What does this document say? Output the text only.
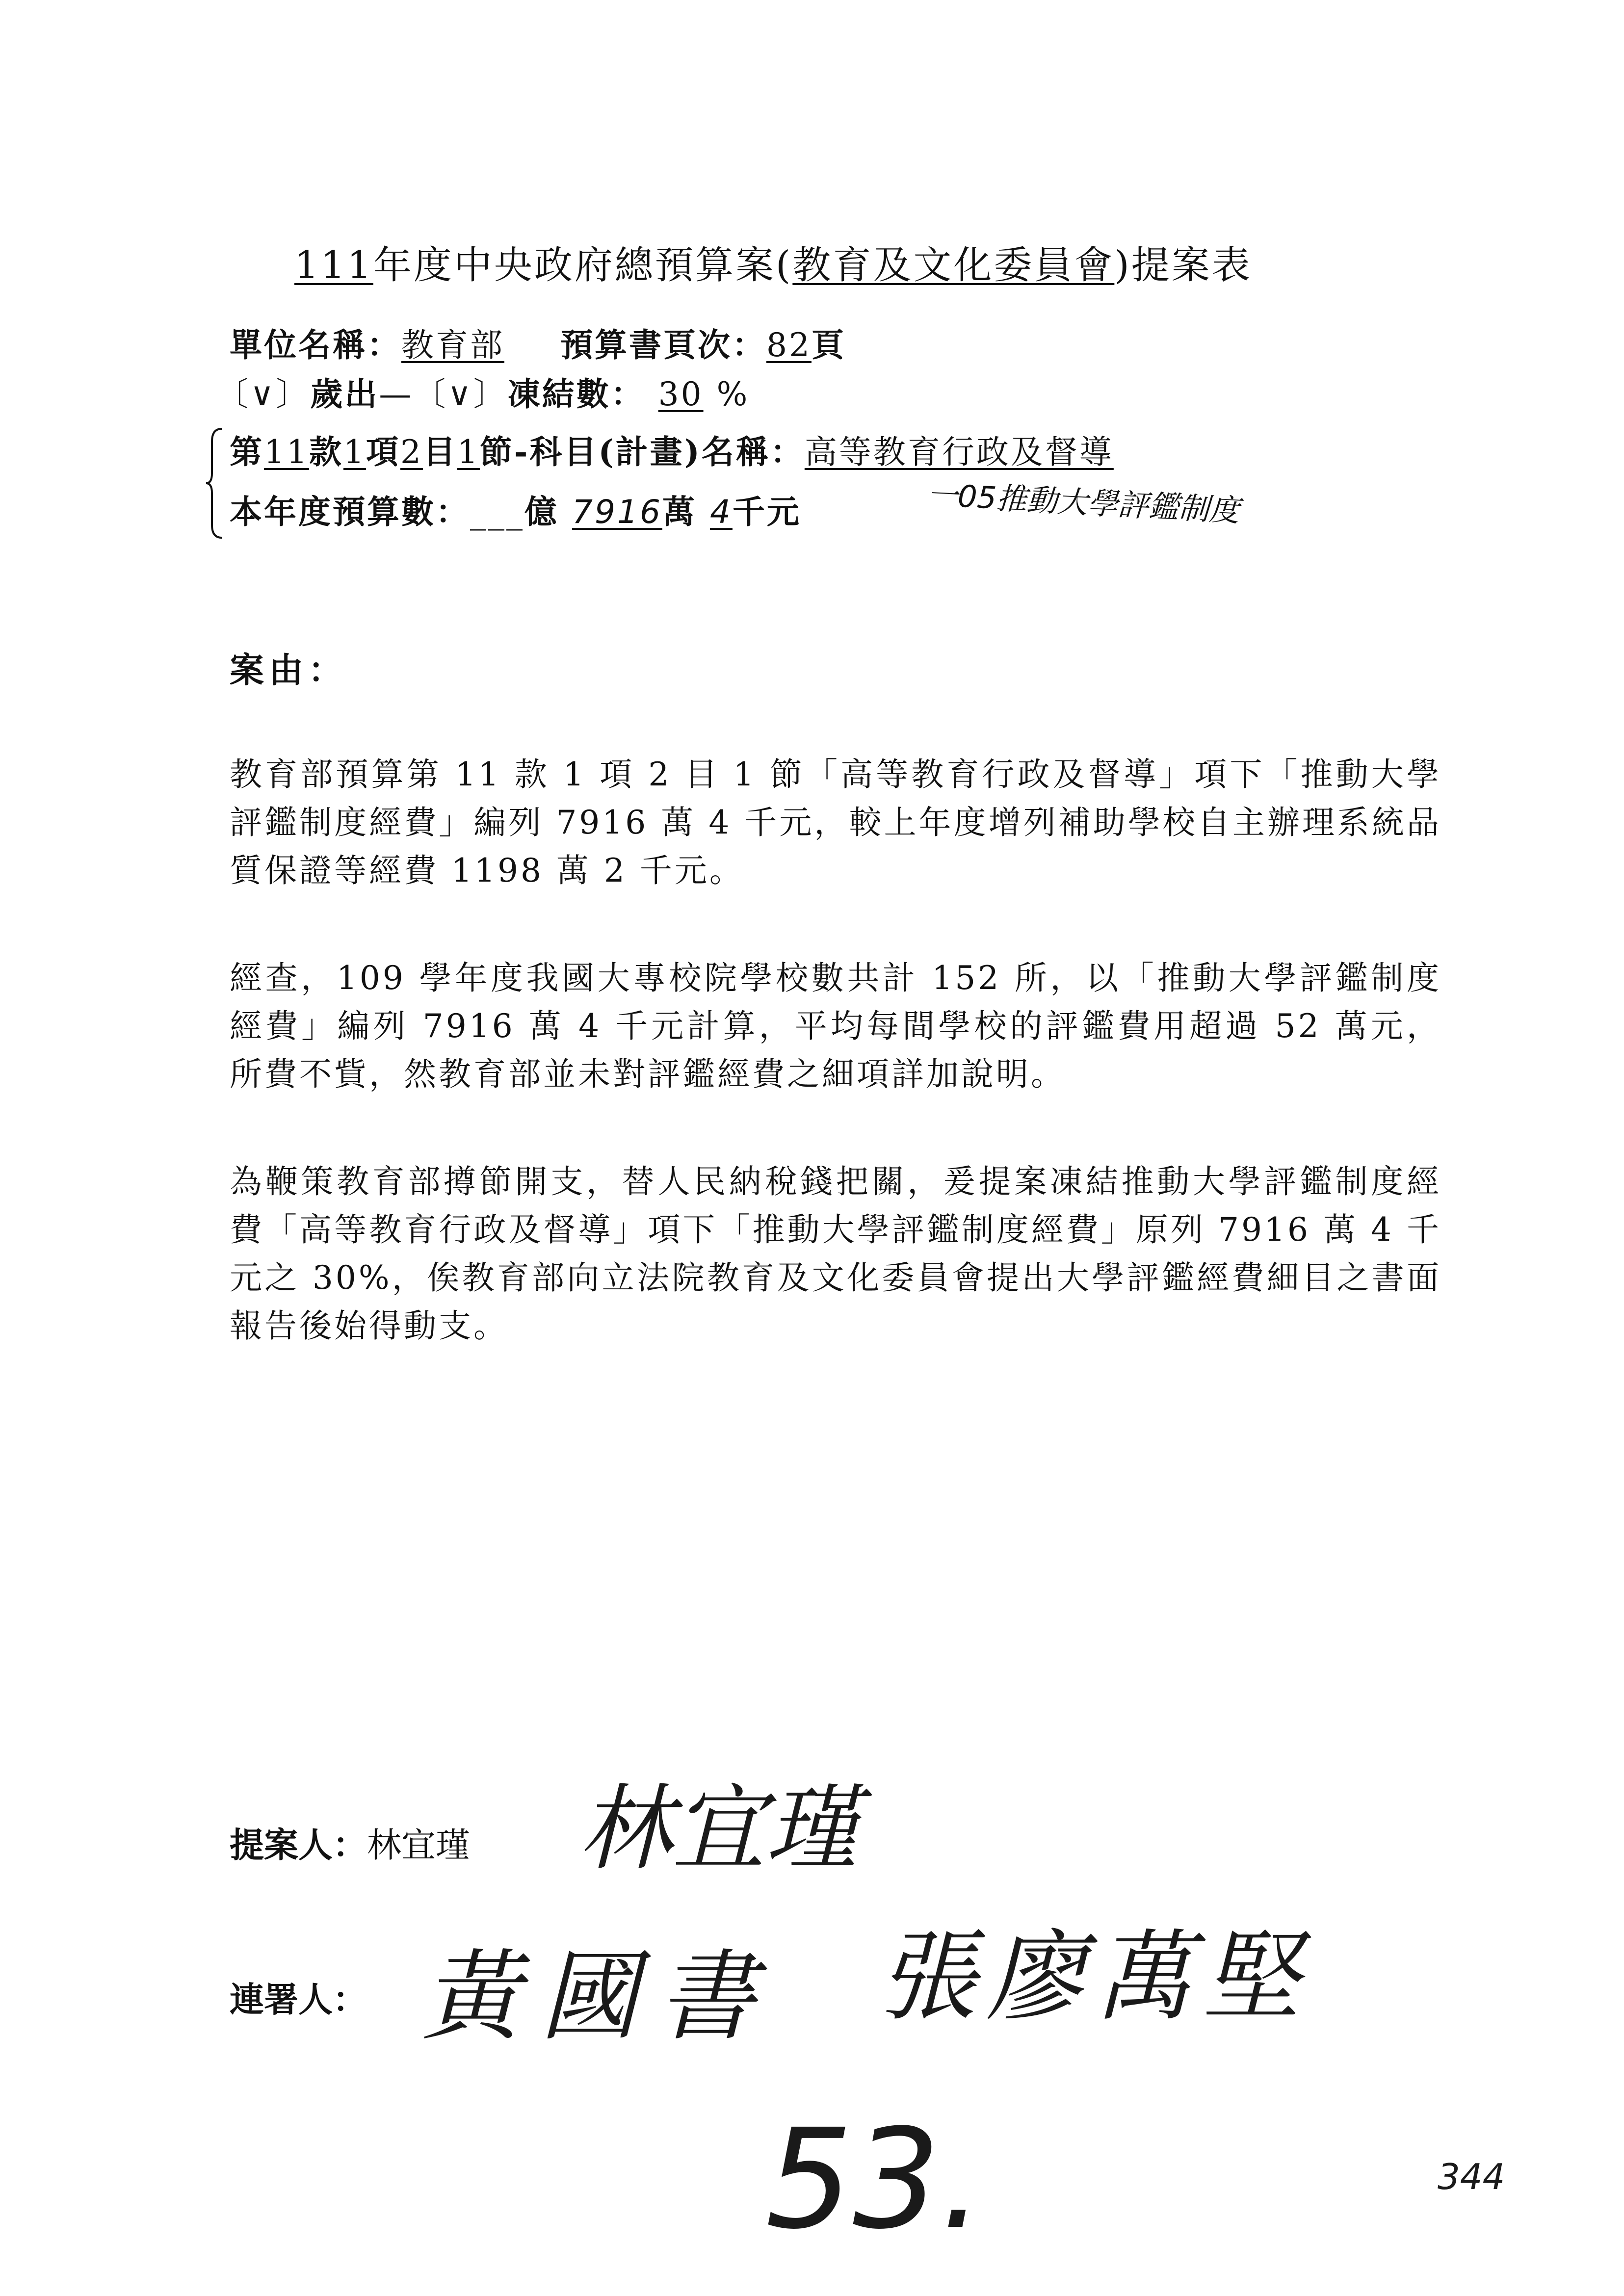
111年度中央政府總預算案(教育及文化委員會)提案表
單位名稱：教育部 預算書頁次：82頁
〔∨〕歲出—〔∨〕凍結數： 30 %
第11款1項2目1節-科目(計畫)名稱：高等教育行政及督導
本年度預算數：___億 7916萬 4千元	一05推動大學評鑑制度
案由：
教育部預算第 11 款 1 項 2 目 1 節「高等教育行政及督導」項下「推動大學評鑑制度經費」編列 7916 萬 4 千元，較上年度增列補助學校自主辦理系統品質保證等經費 1198 萬 2 千元。
經查，109 學年度我國大專校院學校數共計 152 所，以「推動大學評鑑制度經費」編列 7916 萬 4 千元計算，平均每間學校的評鑑費用超過 52 萬元，所費不貲，然教育部並未對評鑑經費之細項詳加說明。
為鞭策教育部撙節開支，替人民納稅錢把關，爰提案凍結推動大學評鑑制度經費「高等教育行政及督導」項下「推動大學評鑑制度經費」原列 7916 萬 4 千元之 30%，俟教育部向立法院教育及文化委員會提出大學評鑑經費細目之書面報告後始得動支。
提案人：林宜瑾 林宜瑾
連署人： 黃國書 張廖萬堅
53.	344
